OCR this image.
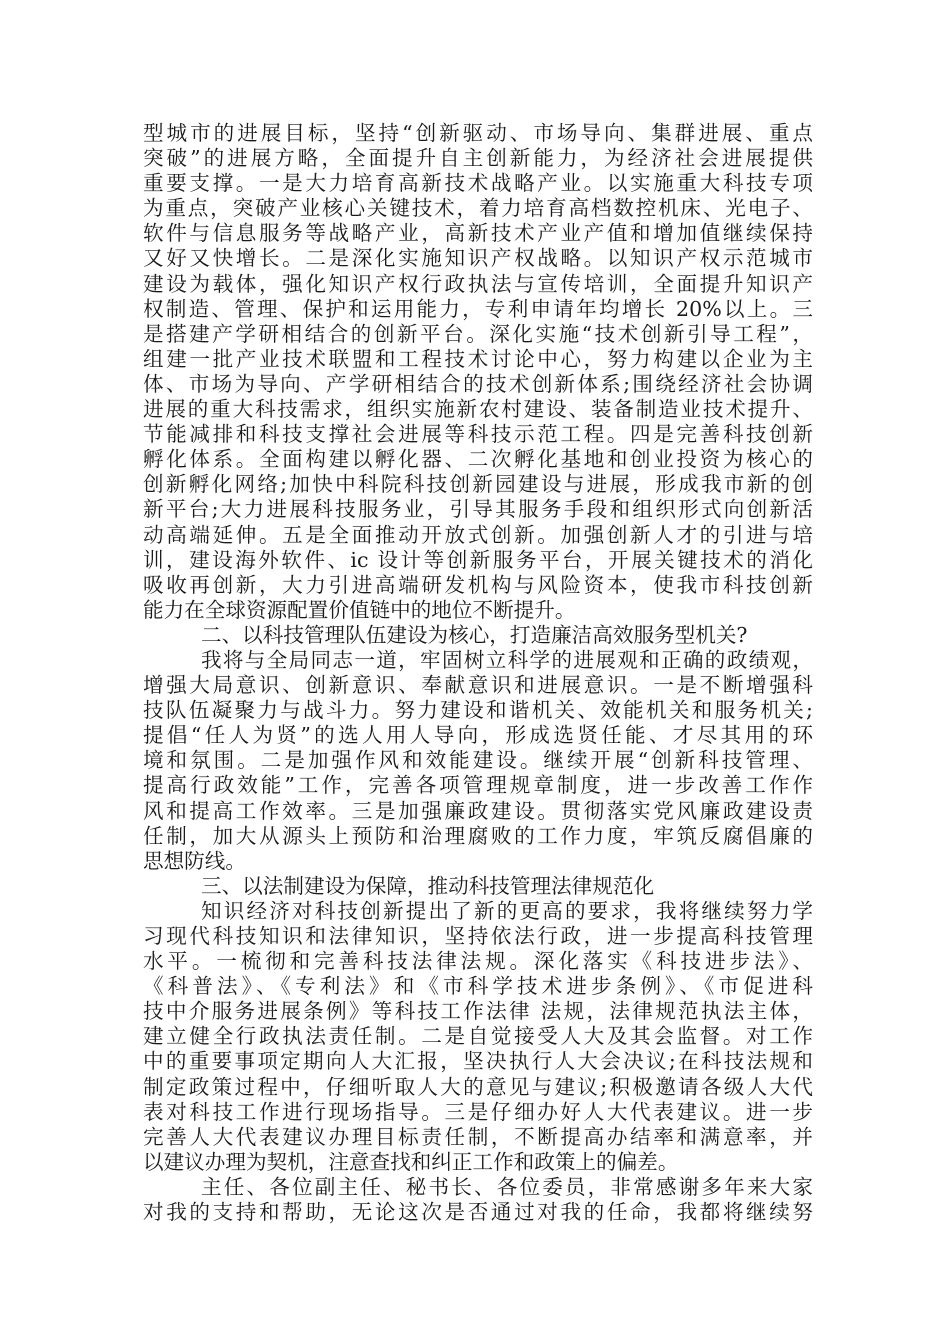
型城市的进展目标，坚持“创新驱动、市场导向、集群进展、重点
突破”的进展方略，全面提升自主创新能力，为经济社会进展提供
重要支撑。一是大力培育高新技术战略产业。以实施重大科技专项
为重点，突破产业核心关键技术，着力培育高档数控机床、光电子、
软件与信息服务等战略产业，高新技术产业产值和增加值继续保持
又好又快增长。二是深化实施知识产权战略。以知识产权示范城市
建设为载体，强化知识产权行政执法与宣传培训，全面提升知识产
权制造、管理、保护和运用能力，专利申请年均增长 20%以上。三
是搭建产学研相结合的创新平台。深化实施“技术创新引导工程”，
组建一批产业技术联盟和工程技术讨论中心，努力构建以企业为主
体、市场为导向、产学研相结合的技术创新体系;围绕经济社会协调
进展的重大科技需求，组织实施新农村建设、装备制造业技术提升、
节能减排和科技支撑社会进展等科技示范工程。四是完善科技创新
孵化体系。全面构建以孵化器、二次孵化基地和创业投资为核心的
创新孵化网络;加快中科院科技创新园建设与进展，形成我市新的创
新平台;大力进展科技服务业，引导其服务手段和组织形式向创新活
动高端延伸。五是全面推动开放式创新。加强创新人才的引进与培
训，建设海外软件、ic 设计等创新服务平台，开展关键技术的消化
吸收再创新，大力引进高端研发机构与风险资本，使我市科技创新
能力在全球资源配置价值链中的地位不断提升。
二、以科技管理队伍建设为核心，打造廉洁高效服务型机关?
我将与全局同志一道，牢固树立科学的进展观和正确的政绩观，
增强大局意识、创新意识、奉献意识和进展意识。一是不断增强科
技队伍凝聚力与战斗力。努力建设和谐机关、效能机关和服务机关;
提倡“任人为贤”的选人用人导向，形成选贤任能、才尽其用的环
境和氛围。二是加强作风和效能建设。继续开展“创新科技管理、
提高行政效能”工作，完善各项管理规章制度，进一步改善工作作
风和提高工作效率。三是加强廉政建设。贯彻落实党风廉政建设责
任制，加大从源头上预防和治理腐败的工作力度，牢筑反腐倡廉的
思想防线。
三、以法制建设为保障，推动科技管理法律规范化
知识经济对科技创新提出了新的更高的要求，我将继续努力学
习现代科技知识和法律知识，坚持依法行政，进一步提高科技管理
水平。一梳彻和完善科技法律法规。深化落实《科技进步法》、
《科普法》、《专利法》和《市科学技术进步条例》、《市促进科
技中介服务进展条例》等科技工作法律 法规，法律规范执法主体，
建立健全行政执法责任制。二是自觉接受人大及其会监督。对工作
中的重要事项定期向人大汇报，坚决执行人大会决议;在科技法规和
制定政策过程中，仔细听取人大的意见与建议;积极邀请各级人大代
表对科技工作进行现场指导。三是仔细办好人大代表建议。进一步
完善人大代表建议办理目标责任制，不断提高办结率和满意率，并
以建议办理为契机，注意查找和纠正工作和政策上的偏差。
主任、各位副主任、秘书长、各位委员，非常感谢多年来大家
对我的支持和帮助，无论这次是否通过对我的任命，我都将继续努
